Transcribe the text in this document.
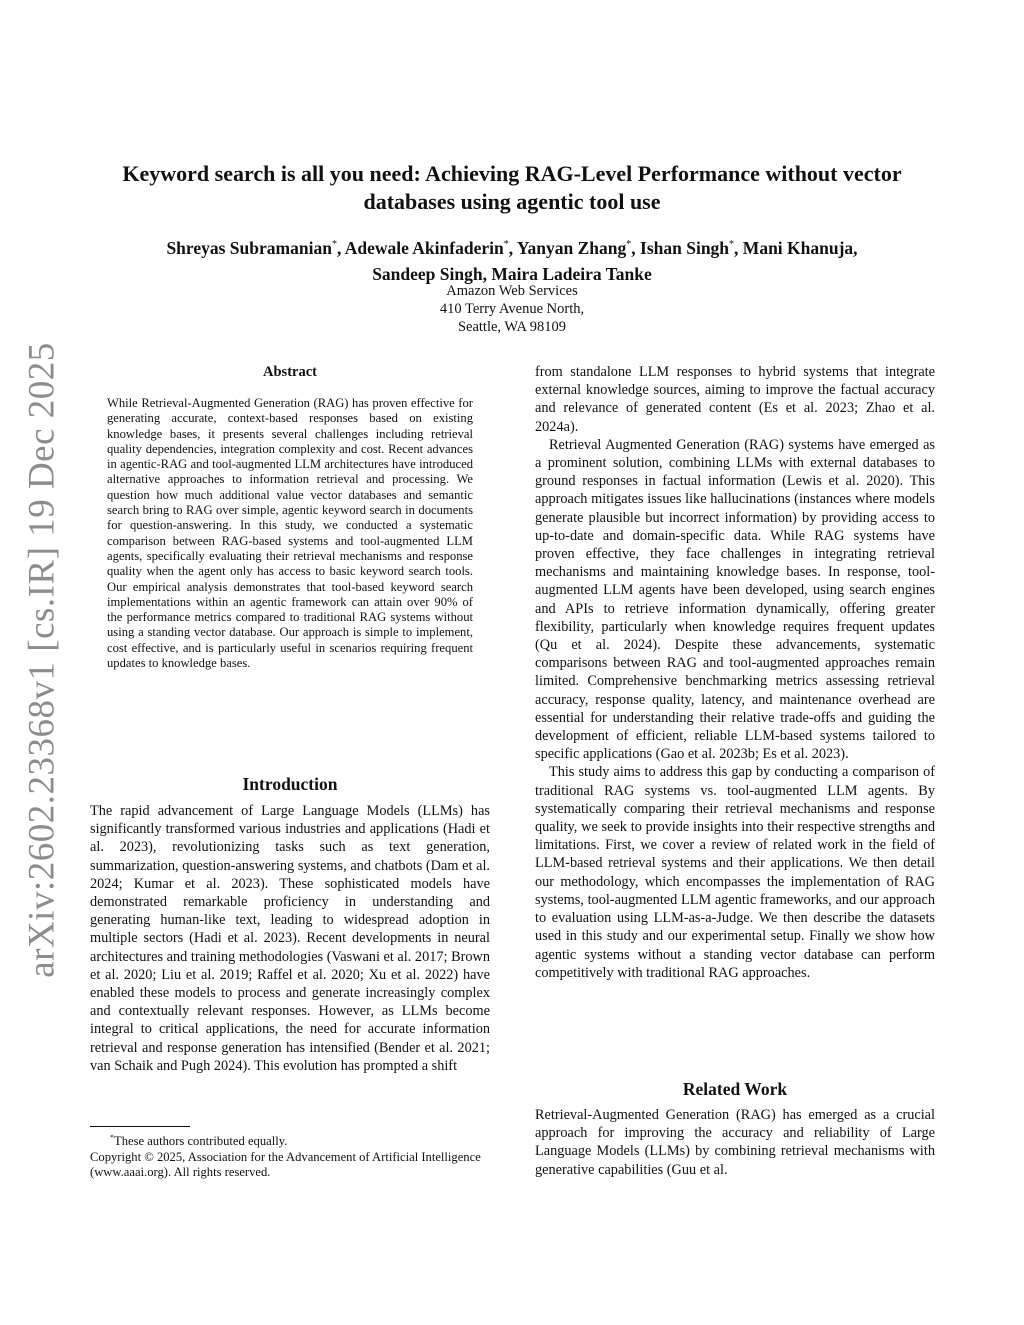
arXiv:2602.23368v1 [cs.IR] 19 Dec 2025
Keyword search is all you need: Achieving RAG-Level Performance without vector databases using agentic tool use
Shreyas Subramanian*, Adewale Akinfaderin*, Yanyan Zhang*, Ishan Singh*, Mani Khanuja,
Sandeep Singh, Maira Ladeira Tanke
Amazon Web Services
410 Terry Avenue North,
Seattle, WA 98109
Abstract
While Retrieval-Augmented Generation (RAG) has proven effective for generating accurate, context-based responses based on existing knowledge bases, it presents several challenges including retrieval quality dependencies, integration complexity and cost. Recent advances in agentic-RAG and tool-augmented LLM architectures have introduced alternative approaches to information retrieval and processing. We question how much additional value vector databases and semantic search bring to RAG over simple, agentic keyword search in documents for question-answering. In this study, we conducted a systematic comparison between RAG-based systems and tool-augmented LLM agents, specifically evaluating their retrieval mechanisms and response quality when the agent only has access to basic keyword search tools. Our empirical analysis demonstrates that tool-based keyword search implementations within an agentic framework can attain over 90% of the performance metrics compared to traditional RAG systems without using a standing vector database. Our approach is simple to implement, cost effective, and is particularly useful in scenarios requiring frequent updates to knowledge bases.
Introduction
The rapid advancement of Large Language Models (LLMs) has significantly transformed various industries and applications (Hadi et al. 2023), revolutionizing tasks such as text generation, summarization, question-answering systems, and chatbots (Dam et al. 2024; Kumar et al. 2023). These sophisticated models have demonstrated remarkable proficiency in understanding and generating human-like text, leading to widespread adoption in multiple sectors (Hadi et al. 2023). Recent developments in neural architectures and training methodologies (Vaswani et al. 2017; Brown et al. 2020; Liu et al. 2019; Raffel et al. 2020; Xu et al. 2022) have enabled these models to process and generate increasingly complex and contextually relevant responses. However, as LLMs become integral to critical applications, the need for accurate information retrieval and response generation has intensified (Bender et al. 2021; van Schaik and Pugh 2024). This evolution has prompted a shift
*These authors contributed equally.
Copyright © 2025, Association for the Advancement of Artificial Intelligence (www.aaai.org). All rights reserved.

from standalone LLM responses to hybrid systems that integrate external knowledge sources, aiming to improve the factual accuracy and relevance of generated content (Es et al. 2023; Zhao et al. 2024a).

Retrieval Augmented Generation (RAG) systems have emerged as a prominent solution, combining LLMs with external databases to ground responses in factual information (Lewis et al. 2020). This approach mitigates issues like hallucinations (instances where models generate plausible but incorrect information) by providing access to up-to-date and domain-specific data. While RAG systems have proven effective, they face challenges in integrating retrieval mechanisms and maintaining knowledge bases. In response, tool-augmented LLM agents have been developed, using search engines and APIs to retrieve information dynamically, offering greater flexibility, particularly when knowledge requires frequent updates (Qu et al. 2024). Despite these advancements, systematic comparisons between RAG and tool-augmented approaches remain limited. Comprehensive benchmarking metrics assessing retrieval accuracy, response quality, latency, and maintenance overhead are essential for understanding their relative trade-offs and guiding the development of efficient, reliable LLM-based systems tailored to specific applications (Gao et al. 2023b; Es et al. 2023).

This study aims to address this gap by conducting a comparison of traditional RAG systems vs. tool-augmented LLM agents. By systematically comparing their retrieval mechanisms and response quality, we seek to provide insights into their respective strengths and limitations. First, we cover a review of related work in the field of LLM-based retrieval systems and their applications. We then detail our methodology, which encompasses the implementation of RAG systems, tool-augmented LLM agentic frameworks, and our approach to evaluation using LLM-as-a-Judge. We then describe the datasets used in this study and our experimental setup. Finally we show how agentic systems without a standing vector database can perform competitively with traditional RAG approaches.

Related Work
Retrieval-Augmented Generation (RAG) has emerged as a crucial approach for improving the accuracy and reliability of Large Language Models (LLMs) by combining retrieval mechanisms with generative capabilities (Guu et al.
